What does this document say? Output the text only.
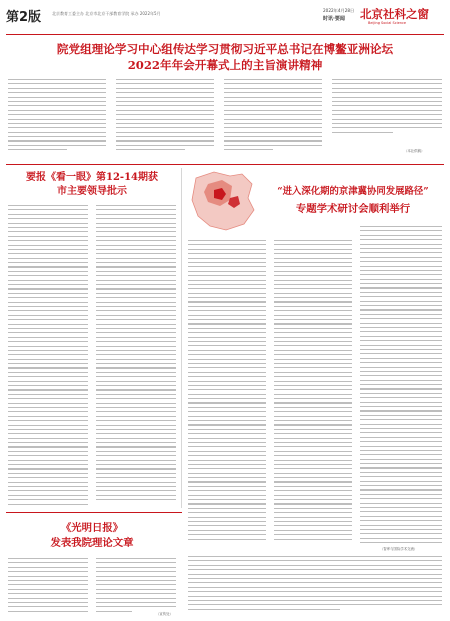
第2版	北京教育工委主办 北京市北京干部教育学院 承办 2022年5月
2022年4月28日
时讯·要闻 北京社科之窗
Beijing Social Science
院党组理论学习中心组传达学习贯彻习近平总书记在博鳌亚洲论坛
2022年年会开幕式上的主旨演讲精神
（本社供稿）
要报《看一眼》第12-14期获
市主要领导批示	“进入深化期的京津冀协同发展路径”
专题学术研讨会顺利举行
（智库与国际学术交流）
《光明日报》
发表我院理论文章
（宣传处）
